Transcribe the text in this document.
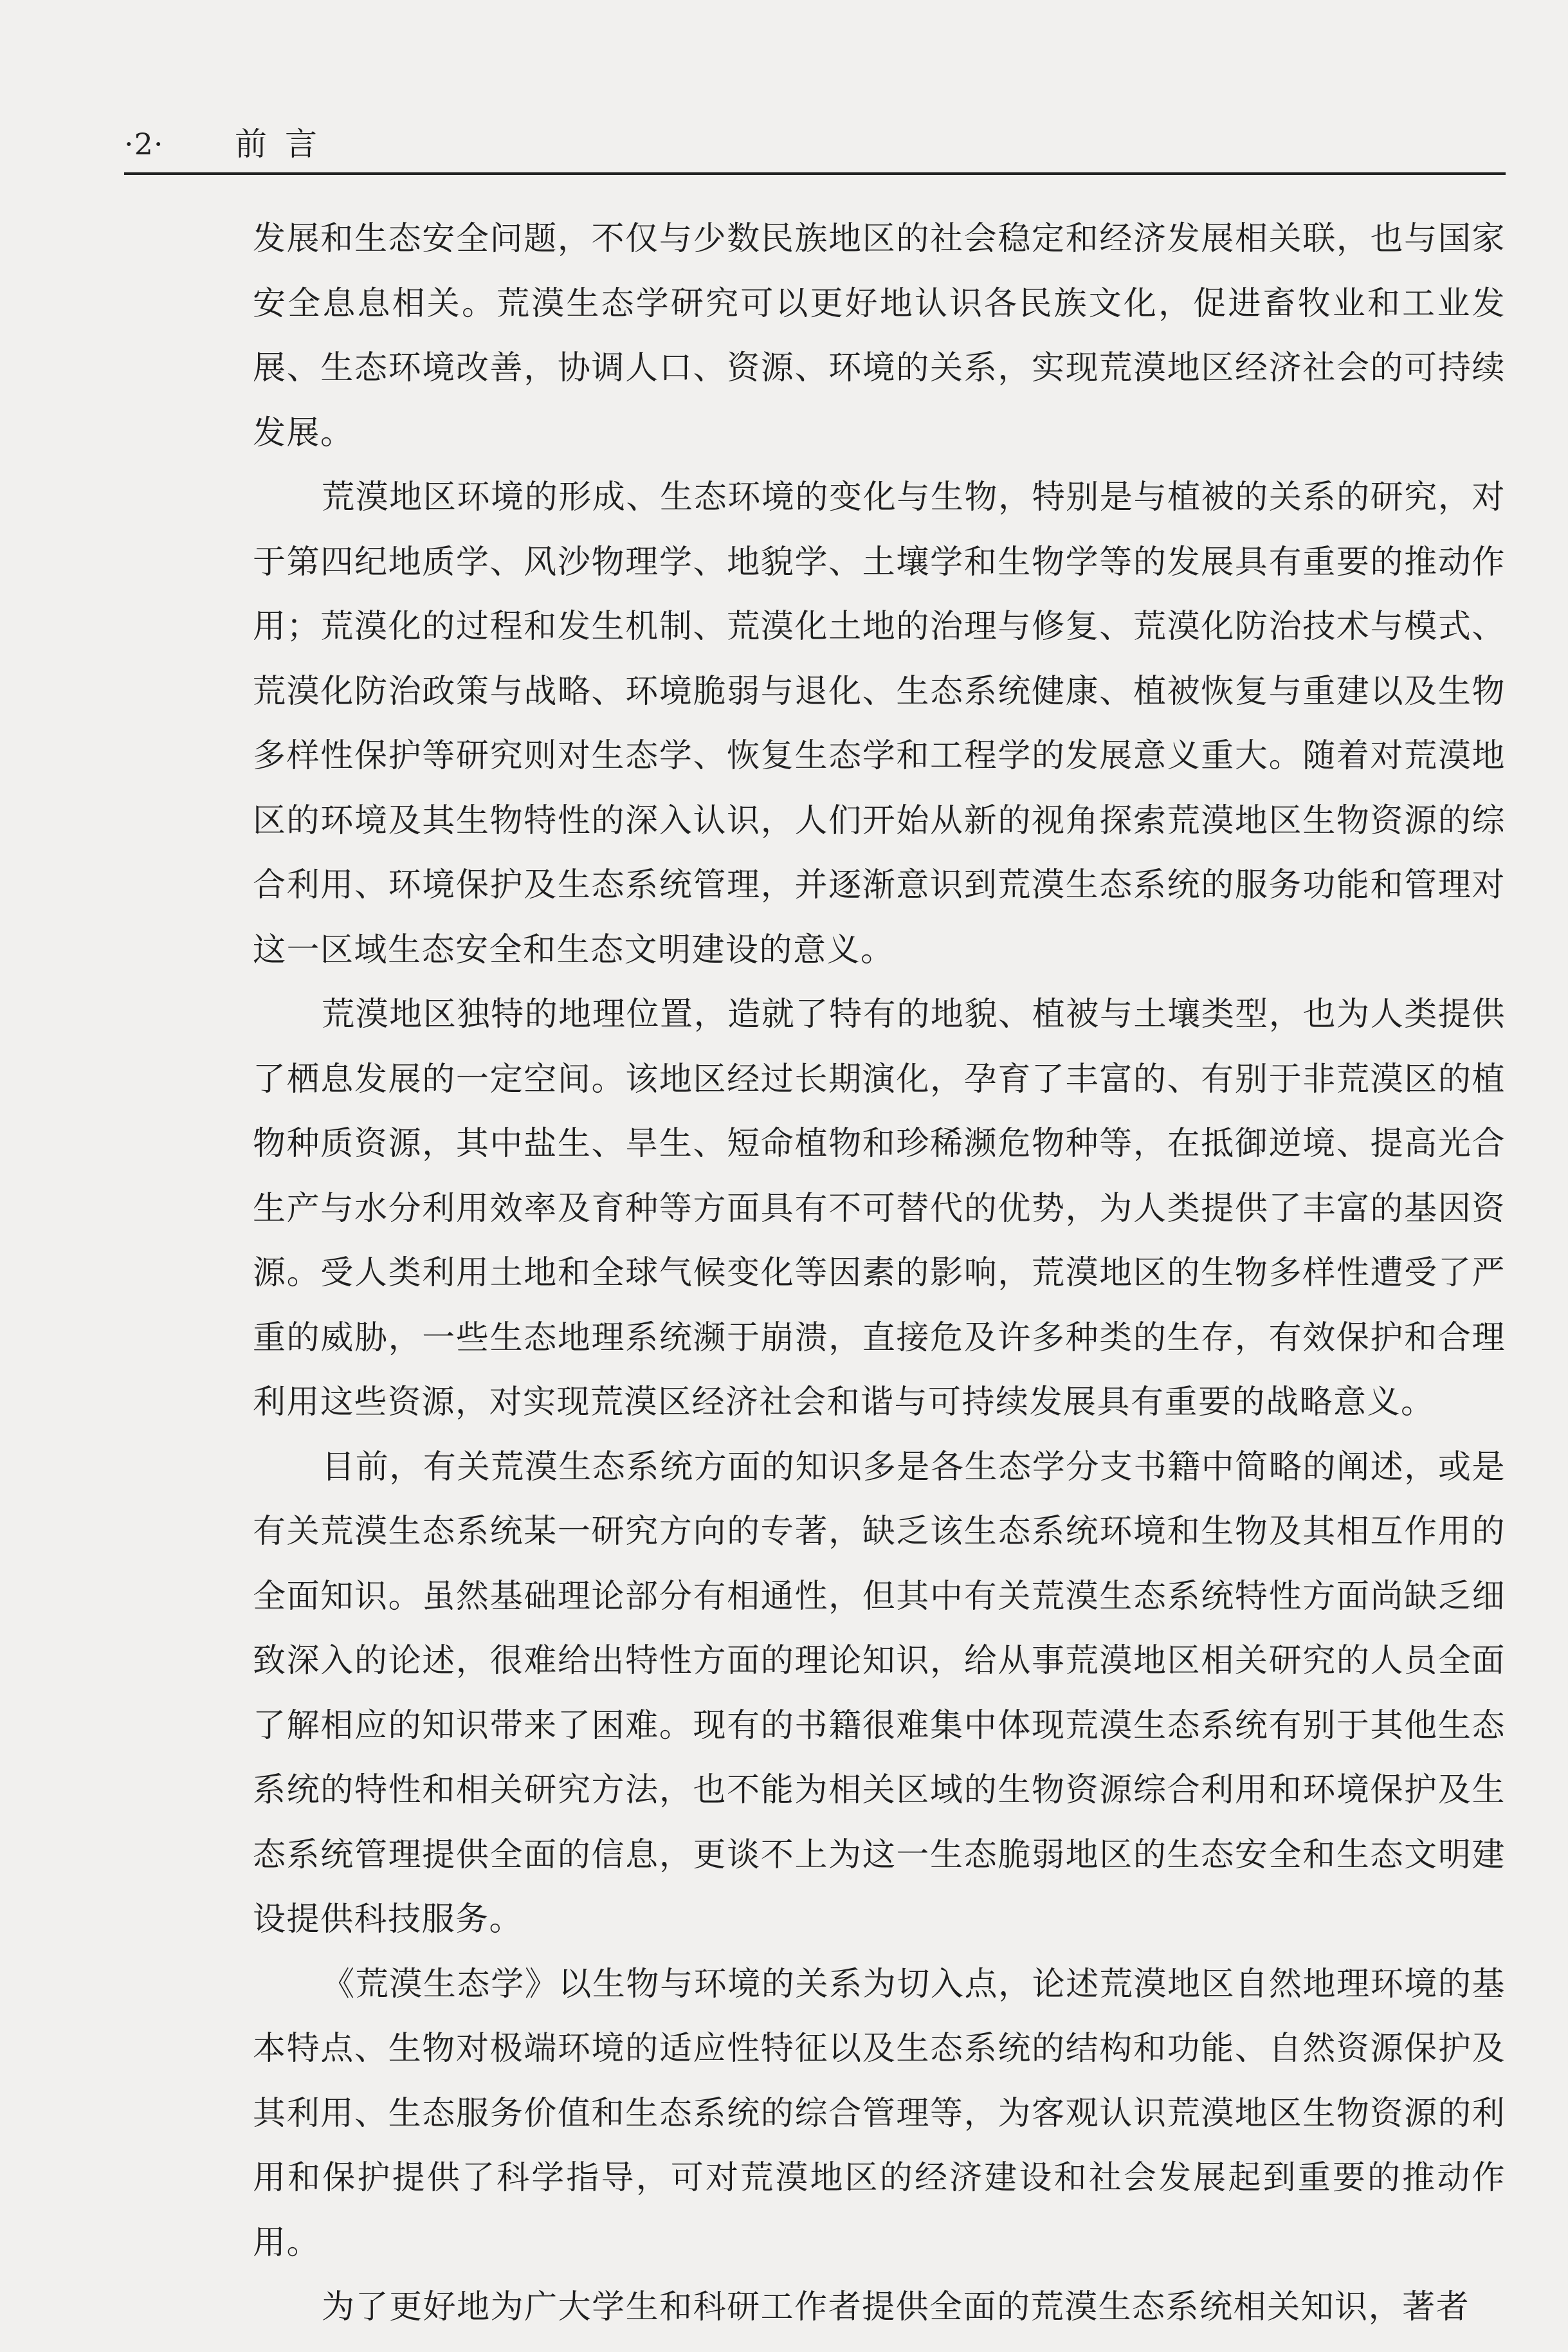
·2· 前言

发展和生态安全问题，不仅与少数民族地区的社会稳定和经济发展相关联，也与国家安全息息相关。荒漠生态学研究可以更好地认识各民族文化，促进畜牧业和工业发展、生态环境改善，协调人口、资源、环境的关系，实现荒漠地区经济社会的可持续发展。

荒漠地区环境的形成、生态环境的变化与生物，特别是与植被的关系的研究，对于第四纪地质学、风沙物理学、地貌学、土壤学和生物学等的发展具有重要的推动作用；荒漠化的过程和发生机制、荒漠化土地的治理与修复、荒漠化防治技术与模式、荒漠化防治政策与战略、环境脆弱与退化、生态系统健康、植被恢复与重建以及生物多样性保护等研究则对生态学、恢复生态学和工程学的发展意义重大。随着对荒漠地区的环境及其生物特性的深入认识，人们开始从新的视角探索荒漠地区生物资源的综合利用、环境保护及生态系统管理，并逐渐意识到荒漠生态系统的服务功能和管理对这一区域生态安全和生态文明建设的意义。

荒漠地区独特的地理位置，造就了特有的地貌、植被与土壤类型，也为人类提供了栖息发展的一定空间。该地区经过长期演化，孕育了丰富的、有别于非荒漠区的植物种质资源，其中盐生、旱生、短命植物和珍稀濒危物种等，在抵御逆境、提高光合生产与水分利用效率及育种等方面具有不可替代的优势，为人类提供了丰富的基因资源。受人类利用土地和全球气候变化等因素的影响，荒漠地区的生物多样性遭受了严重的威胁，一些生态地理系统濒于崩溃，直接危及许多种类的生存，有效保护和合理利用这些资源，对实现荒漠区经济社会和谐与可持续发展具有重要的战略意义。

目前，有关荒漠生态系统方面的知识多是各生态学分支书籍中简略的阐述，或是有关荒漠生态系统某一研究方向的专著，缺乏该生态系统环境和生物及其相互作用的全面知识。虽然基础理论部分有相通性，但其中有关荒漠生态系统特性方面尚缺乏细致深入的论述，很难给出特性方面的理论知识，给从事荒漠地区相关研究的人员全面了解相应的知识带来了困难。现有的书籍很难集中体现荒漠生态系统有别于其他生态系统的特性和相关研究方法，也不能为相关区域的生物资源综合利用和环境保护及生态系统管理提供全面的信息，更谈不上为这一生态脆弱地区的生态安全和生态文明建设提供科技服务。

《荒漠生态学》以生物与环境的关系为切入点，论述荒漠地区自然地理环境的基本特点、生物对极端环境的适应性特征以及生态系统的结构和功能、自然资源保护及其利用、生态服务价值和生态系统的综合管理等，为客观认识荒漠地区生物资源的利用和保护提供了科学指导，可对荒漠地区的经济建设和社会发展起到重要的推动作用。

为了更好地为广大学生和科研工作者提供全面的荒漠生态系统相关知识，著者
